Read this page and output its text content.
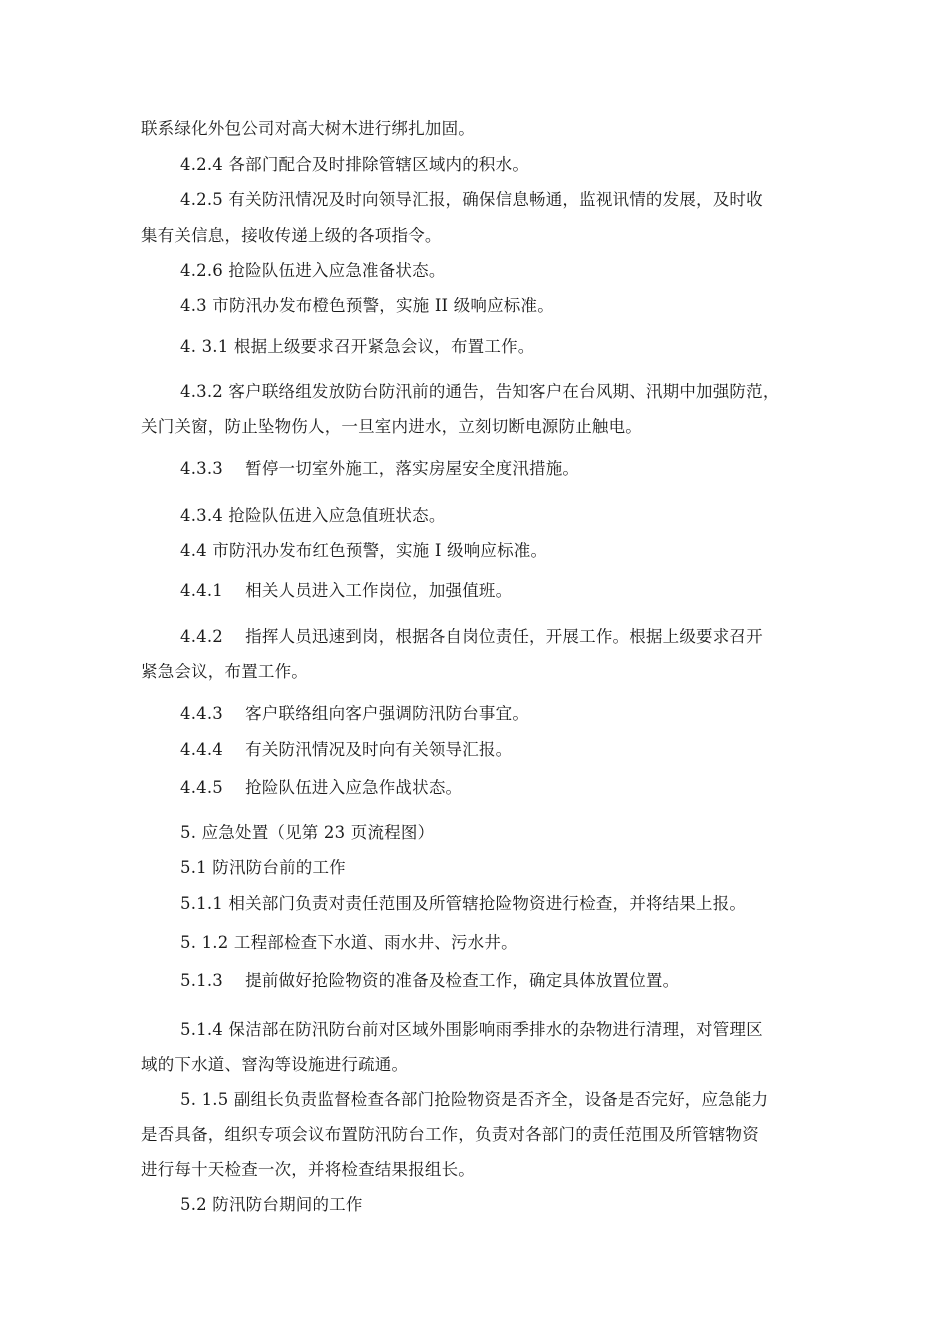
联系绿化外包公司对高大树木进行绑扎加固。
4.2.4 各部门配合及时排除管辖区域内的积水。
4.2.5 有关防汛情况及时向领导汇报，确保信息畅通，监视讯情的发展，及时收
集有关信息，接收传递上级的各项指令。
4.2.6 抢险队伍进入应急准备状态。
4.3 市防汛办发布橙色预警，实施 II 级响应标准。
4. 3.1 根据上级要求召开紧急会议，布置工作。
4.3.2 客户联络组发放防台防汛前的通告，告知客户在台风期、汛期中加强防范，
关门关窗，防止坠物伤人，一旦室内进水，立刻切断电源防止触电。
4.3.3　 暂停一切室外施工，落实房屋安全度汛措施。
4.3.4 抢险队伍进入应急值班状态。
4.4 市防汛办发布红色预警，实施 I 级响应标准。
4.4.1　 相关人员进入工作岗位，加强值班。
4.4.2　 指挥人员迅速到岗，根据各自岗位责任，开展工作。根据上级要求召开
紧急会议，布置工作。
4.4.3　 客户联络组向客户强调防汛防台事宜。
4.4.4　 有关防汛情况及时向有关领导汇报。
4.4.5　 抢险队伍进入应急作战状态。
5. 应急处置（见第 23 页流程图）
5.1 防汛防台前的工作
5.1.1 相关部门负责对责任范围及所管辖抢险物资进行检查，并将结果上报。
5. 1.2 工程部检查下水道、雨水井、污水井。
5.1.3　 提前做好抢险物资的准备及检查工作，确定具体放置位置。
5.1.4 保洁部在防汛防台前对区域外围影响雨季排水的杂物进行清理，对管理区
域的下水道、窨沟等设施进行疏通。
5. 1.5 副组长负责监督检查各部门抢险物资是否齐全，设备是否完好，应急能力
是否具备，组织专项会议布置防汛防台工作，负责对各部门的责任范围及所管辖物资
进行每十天检查一次，并将检查结果报组长。
5.2 防汛防台期间的工作
